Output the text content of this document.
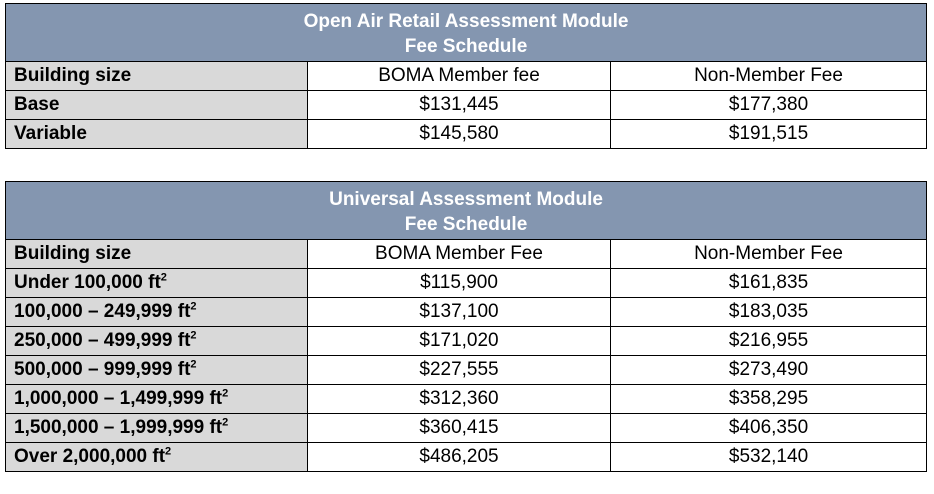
Open Air Retail Assessment Module
Fee Schedule		

Building size	BOMA Member fee	Non-Member Fee
Base	$131,445	$177,380
Variable	$145,580	$191,515
Universal Assessment Module
Fee Schedule		

Building size	BOMA Member Fee	Non-Member Fee
Under 100,000 $ft^2$	$115,900	$161,835
100,000 – 249,999 $ft^2$	$137,100	$183,035
250,000 – 499,999 $ft^2$	$171,020	$216,955
500,000 – 999,999 $ft^2$	$227,555	$273,490
1,000,000 – 1,499,999 $ft^2$	$312,360	$358,295
1,500,000 – 1,999,999 $ft^2$	$360,415	$406,350
Over 2,000,000 $ft^2$	$486,205	$532,140
